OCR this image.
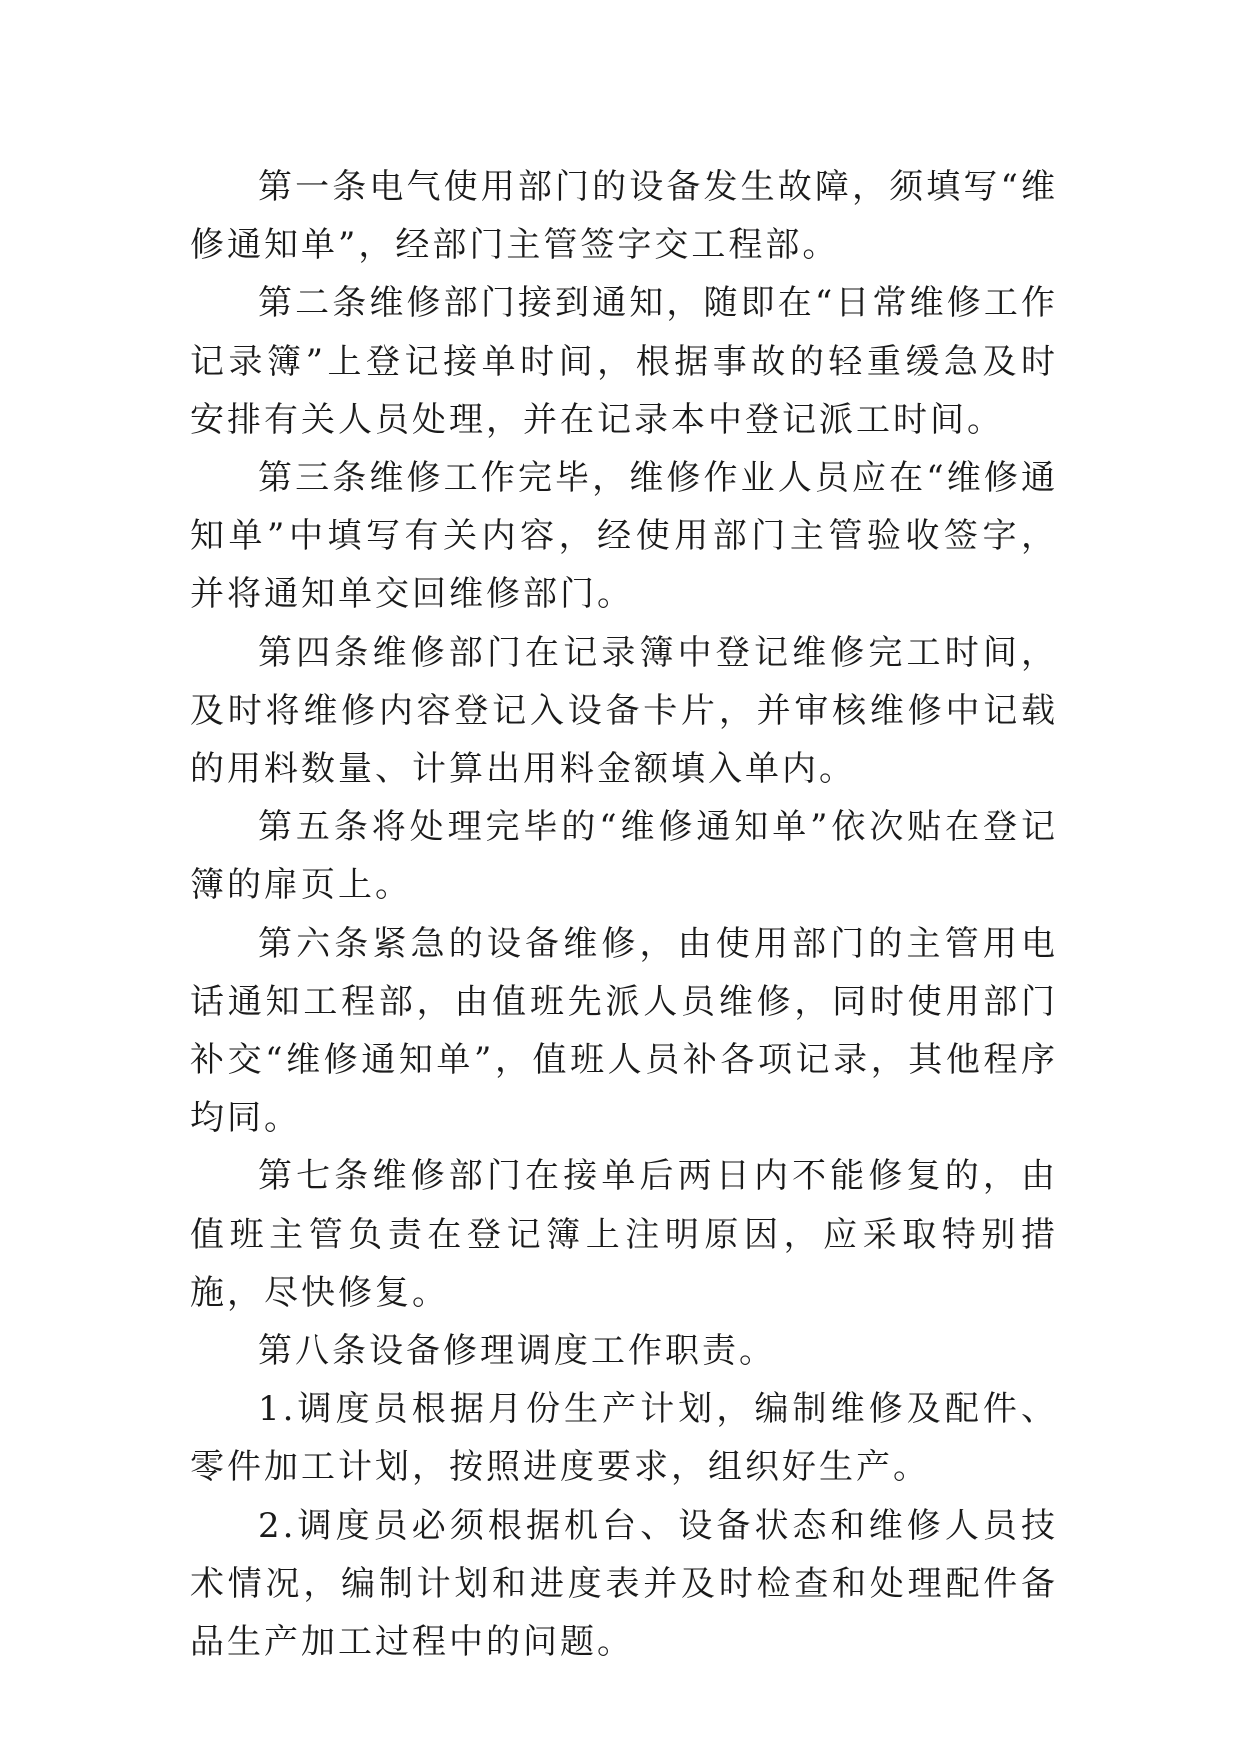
第一条电气使用部门的设备发生故障，须填写“维修通知单”，经部门主管签字交工程部。

第二条维修部门接到通知，随即在“日常维修工作记录簿”上登记接单时间，根据事故的轻重缓急及时安排有关人员处理，并在记录本中登记派工时间。

第三条维修工作完毕，维修作业人员应在“维修通知单”中填写有关内容，经使用部门主管验收签字，并将通知单交回维修部门。

第四条维修部门在记录簿中登记维修完工时间，及时将维修内容登记入设备卡片，并审核维修中记载的用料数量、计算出用料金额填入单内。

第五条将处理完毕的“维修通知单”依次贴在登记簿的扉页上。

第六条紧急的设备维修，由使用部门的主管用电话通知工程部，由值班先派人员维修，同时使用部门补交“维修通知单”，值班人员补各项记录，其他程序均同。

第七条维修部门在接单后两日内不能修复的，由值班主管负责在登记簿上注明原因，应采取特别措施，尽快修复。

第八条设备修理调度工作职责。

1.调度员根据月份生产计划，编制维修及配件、零件加工计划，按照进度要求，组织好生产。

2.调度员必须根据机台、设备状态和维修人员技术情况，编制计划和进度表并及时检查和处理配件备品生产加工过程中的问题。
